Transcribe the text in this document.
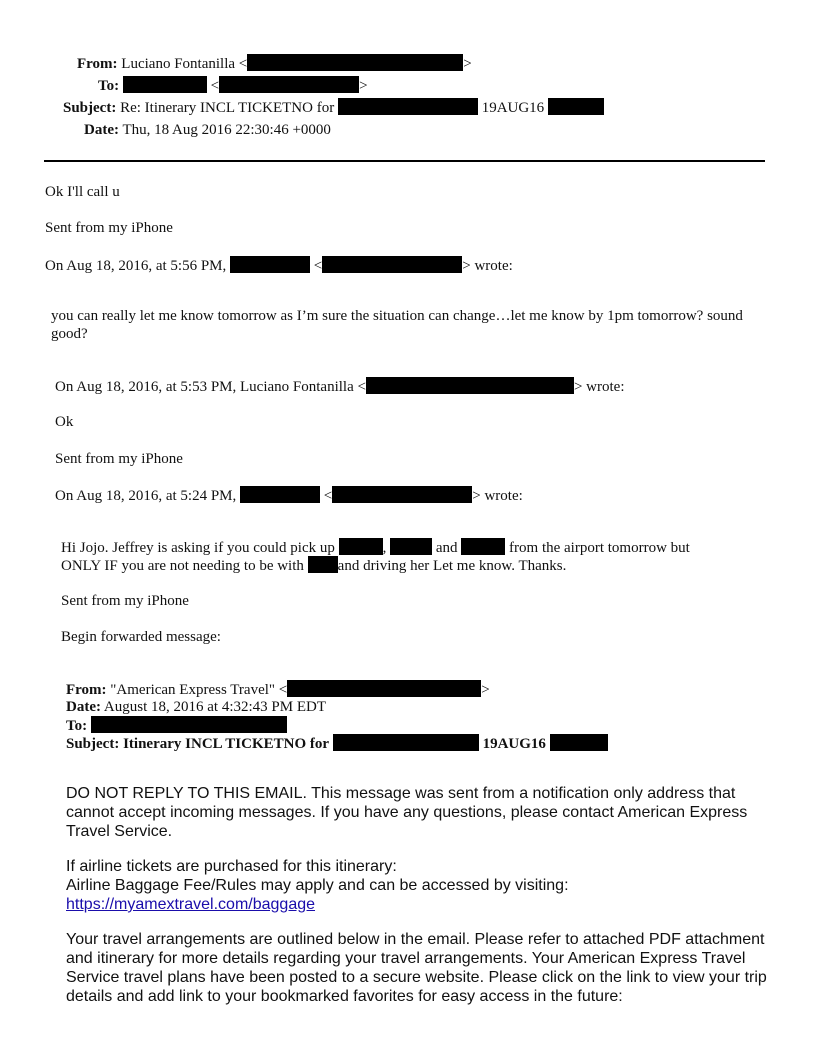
From: Luciano Fontanilla <	>
To:	<	>
Subject: Re: Itinerary INCL TICKETNO for	19AUG16
Date: Thu, 18 Aug 2016 22:30:46 +0000
Ok I'll call u
Sent from my iPhone
On Aug 18, 2016, at 5:56 PM,	<	> wrote:
you can really let me know tomorrow as I’m sure the situation can change…let me know by 1pm tomorrow? sound good?
On Aug 18, 2016, at 5:53 PM, Luciano Fontanilla <	> wrote:
Ok
Sent from my iPhone
On Aug 18, 2016, at 5:24 PM,	<	> wrote:
Hi Jojo. Jeffrey is asking if you could pick up	,	and	from the airport tomorrow but
ONLY IF you are not needing to be with and driving her Let me know. Thanks.
Sent from my iPhone
Begin forwarded message:
From: "American Express Travel" <	>
Date: August 18, 2016 at 4:32:43 PM EDT
To:
Subject: Itinerary INCL TICKETNO for	19AUG16
DO NOT REPLY TO THIS EMAIL. This message was sent from a notification only address that cannot accept incoming messages. If you have any questions, please contact American Express Travel Service.
If airline tickets are purchased for this itinerary:
Airline Baggage Fee/Rules may apply and can be accessed by visiting:
https://myamextravel.com/baggage
Your travel arrangements are outlined below in the email. Please refer to attached PDF attachment and itinerary for more details regarding your travel arrangements. Your American Express Travel Service travel plans have been posted to a secure website. Please click on the link to view your trip details and add link to your bookmarked favorites for easy access in the future:
